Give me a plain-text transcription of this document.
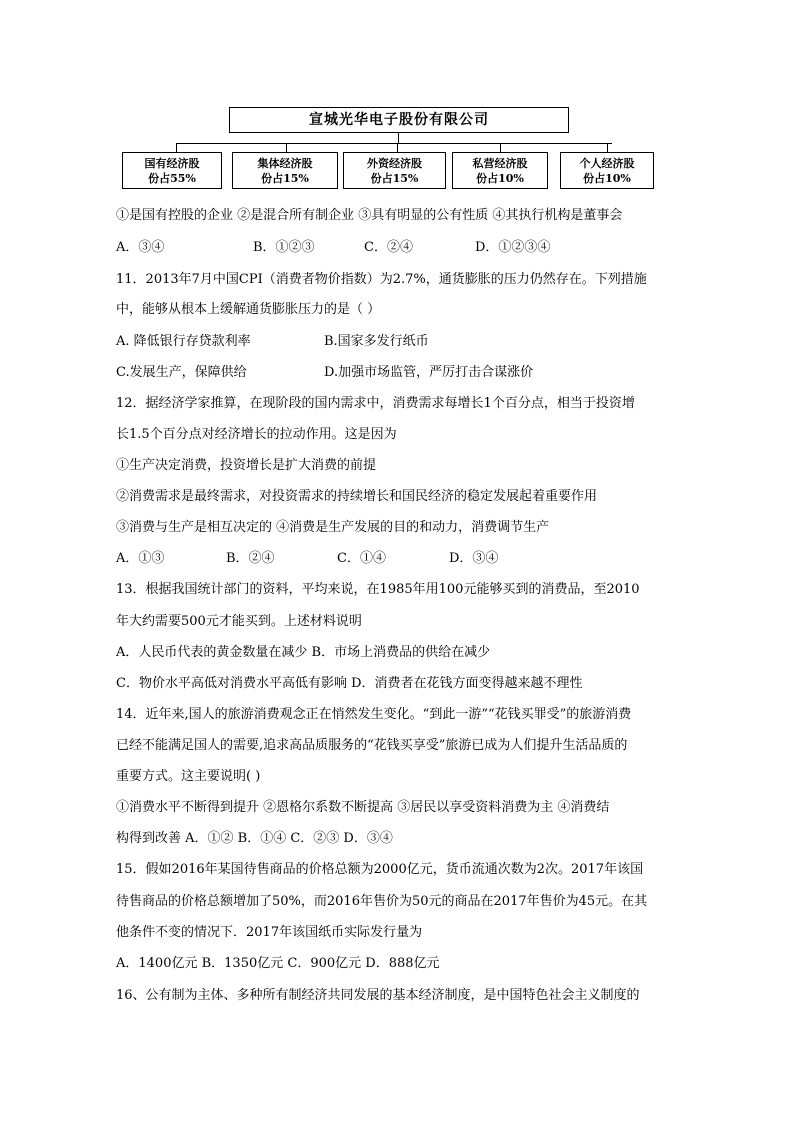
宣城光华电子股份有限公司
国有经济股
份占55%
集体经济股
份占15%
外资经济股
份占15%
私营经济股
份占10%
个人经济股
份占10%
①是国有控股的企业 ②是混合所有制企业 ③具有明显的公有性质 ④其执行机构是董事会
A．③④	B．①②③	C．②④	D．①②③④
11．2013年7月中国CPI（消费者物价指数）为2.7%，通货膨胀的压力仍然存在。下列措施
中，能够从根本上缓解通货膨胀压力的是（ ）
A. 降低银行存贷款利率	B.国家多发行纸币
C.发展生产，保障供给	D.加强市场监管，严厉打击合谋涨价
12．据经济学家推算，在现阶段的国内需求中，消费需求每增长1个百分点，相当于投资增
长1.5个百分点对经济增长的拉动作用。这是因为
①生产决定消费，投资增长是扩大消费的前提
②消费需求是最终需求，对投资需求的持续增长和国民经济的稳定发展起着重要作用
③消费与生产是相互决定的 ④消费是生产发展的目的和动力，消费调节生产
A．①③	B．②④	C．①④	D．③④
13．根据我国统计部门的资料，平均来说，在1985年用100元能够买到的消费品，至2010
年大约需要500元才能买到。上述材料说明
A．人民币代表的黄金数量在减少 B．市场上消费品的供给在减少
C．物价水平高低对消费水平高低有影响 D．消费者在花钱方面变得越来越不理性
14．近年来,国人的旅游消费观念正在悄然发生变化。“到此一游”“花钱买罪受”的旅游消费
已经不能满足国人的需要,追求高品质服务的“花钱买享受”旅游已成为人们提升生活品质的
重要方式。这主要说明( )
①消费水平不断得到提升 ②恩格尔系数不断提高 ③居民以享受资料消费为主 ④消费结
构得到改善 A．①② B．①④ C．②③ D．③④
15．假如2016年某国待售商品的价格总额为2000亿元，货币流通次数为2次。2017年该国
待售商品的价格总额增加了50%，而2016年售价为50元的商品在2017年售价为45元。在其
他条件不变的情况下．2017年该国纸币实际发行量为
A．1400亿元 B．1350亿元 C．900亿元 D．888亿元
16、公有制为主体、多种所有制经济共同发展的基本经济制度，是中国特色社会主义制度的
